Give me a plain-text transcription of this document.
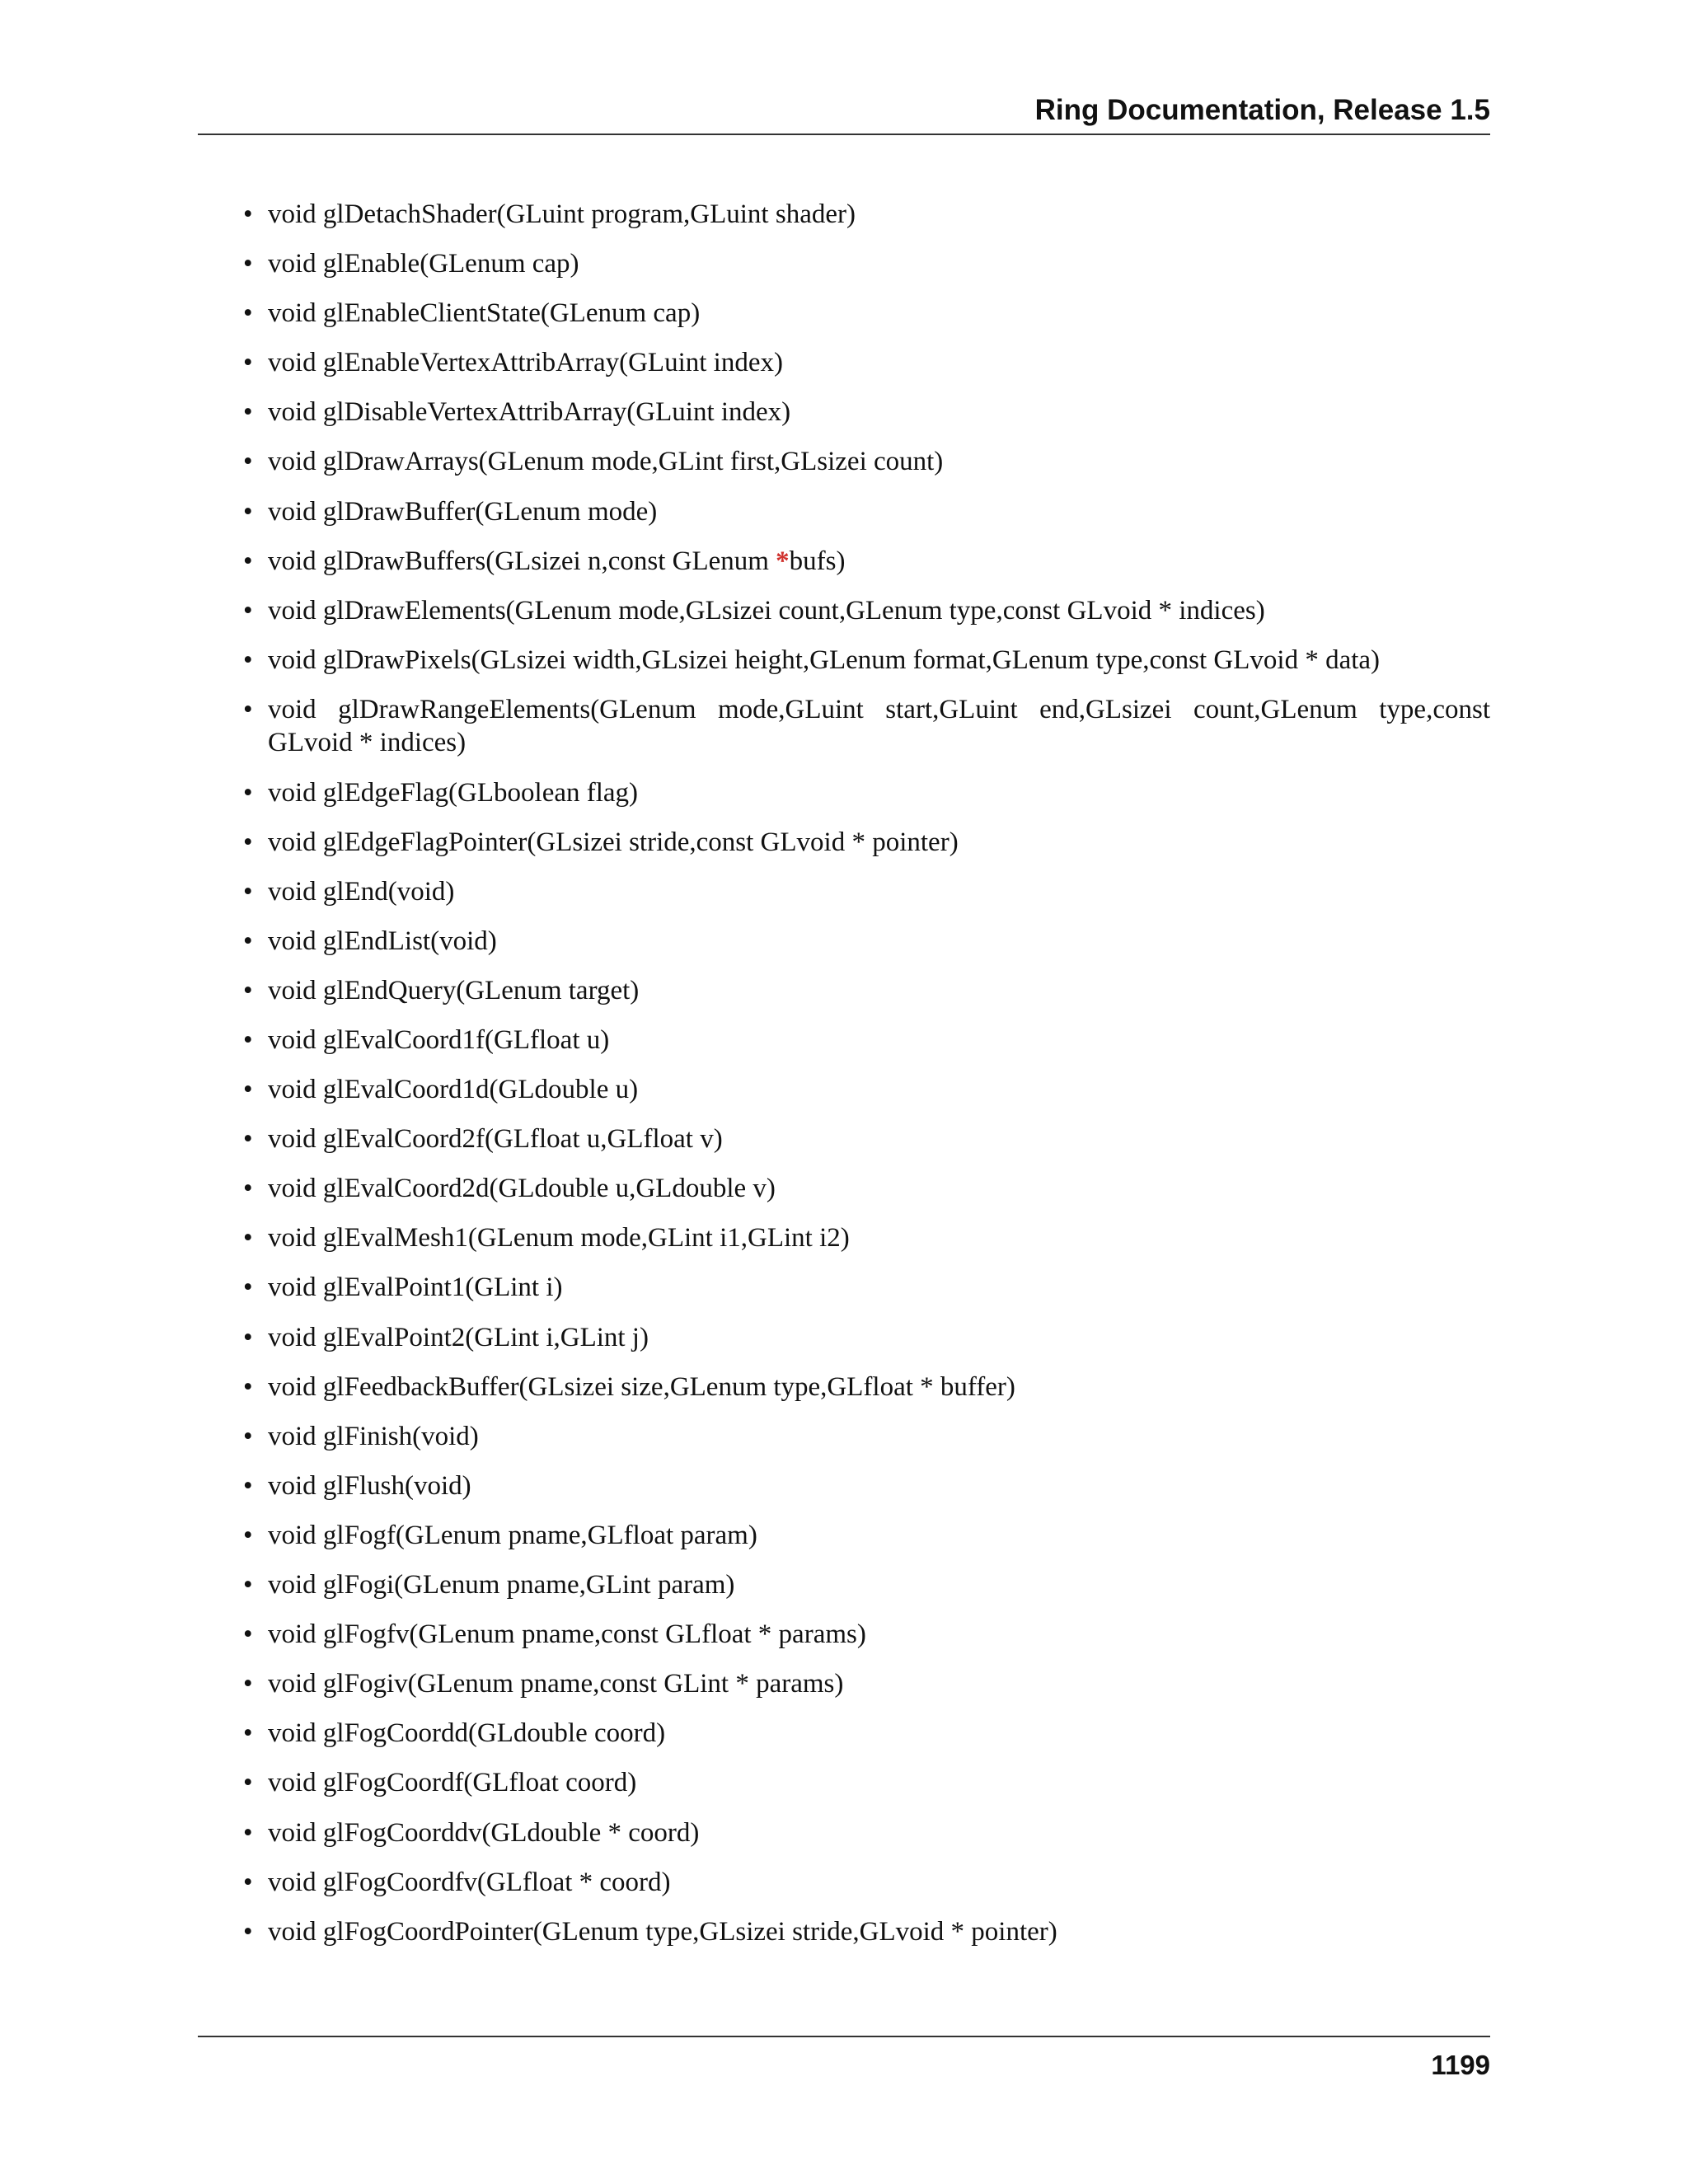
Ring Documentation, Release 1.5
• void glDetachShader(GLuint program,GLuint shader)
• void glEnable(GLenum cap)
• void glEnableClientState(GLenum cap)
• void glEnableVertexAttribArray(GLuint index)
• void glDisableVertexAttribArray(GLuint index)
• void glDrawArrays(GLenum mode,GLint first,GLsizei count)
• void glDrawBuffer(GLenum mode)
• void glDrawBuffers(GLsizei n,const GLenum *bufs)
• void glDrawElements(GLenum mode,GLsizei count,GLenum type,const GLvoid * indices)
• void glDrawPixels(GLsizei width,GLsizei height,GLenum format,GLenum type,const GLvoid * data)
• void glDrawRangeElements(GLenum mode,GLuint start,GLuint end,GLsizei count,GLenum type,const GLvoid * indices)
• void glEdgeFlag(GLboolean flag)
• void glEdgeFlagPointer(GLsizei stride,const GLvoid * pointer)
• void glEnd(void)
• void glEndList(void)
• void glEndQuery(GLenum target)
• void glEvalCoord1f(GLfloat u)
• void glEvalCoord1d(GLdouble u)
• void glEvalCoord2f(GLfloat u,GLfloat v)
• void glEvalCoord2d(GLdouble u,GLdouble v)
• void glEvalMesh1(GLenum mode,GLint i1,GLint i2)
• void glEvalPoint1(GLint i)
• void glEvalPoint2(GLint i,GLint j)
• void glFeedbackBuffer(GLsizei size,GLenum type,GLfloat * buffer)
• void glFinish(void)
• void glFlush(void)
• void glFogf(GLenum pname,GLfloat param)
• void glFogi(GLenum pname,GLint param)
• void glFogfv(GLenum pname,const GLfloat * params)
• void glFogiv(GLenum pname,const GLint * params)
• void glFogCoordd(GLdouble coord)
• void glFogCoordf(GLfloat coord)
• void glFogCoorddv(GLdouble * coord)
• void glFogCoordfv(GLfloat * coord)
• void glFogCoordPointer(GLenum type,GLsizei stride,GLvoid * pointer)
1199
